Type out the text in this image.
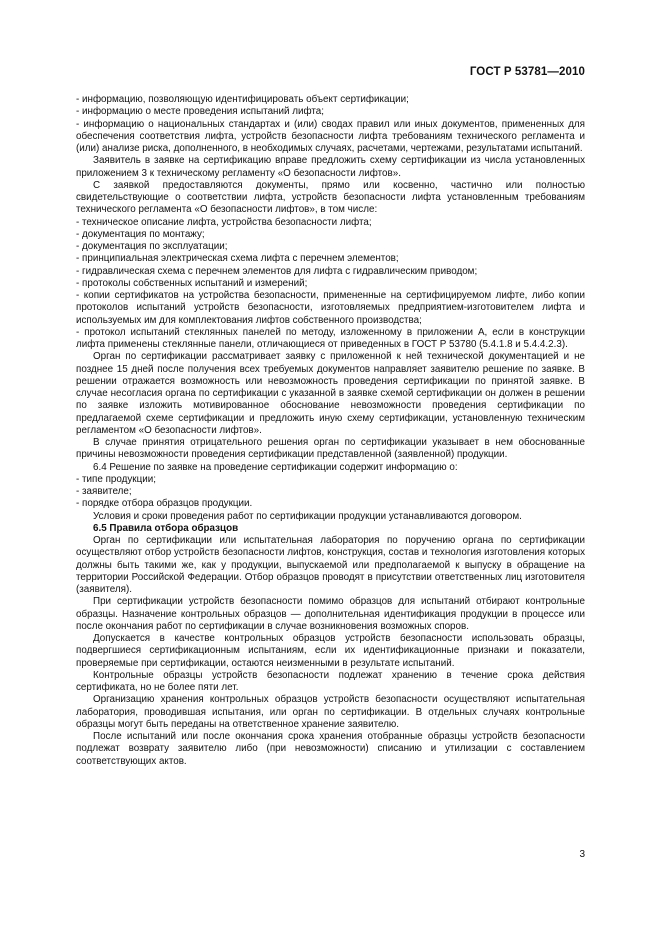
ГОСТ Р 53781—2010

- информацию, позволяющую идентифицировать объект сертификации;

- информацию о месте проведения испытаний лифта;

- информацию о национальных стандартах и (или) сводах правил или иных документов, примененных для обеспечения соответствия лифта, устройств безопасности лифта требованиям технического регламента и (или) анализе риска, дополненного, в необходимых случаях, расчетами, чертежами, результатами испытаний.

Заявитель в заявке на сертификацию вправе предложить схему сертификации из числа установленных приложением 3 к техническому регламенту «О безопасности лифтов».

С заявкой предоставляются документы, прямо или косвенно, частично или полностью свидетельствующие о соответствии лифта, устройств безопасности лифта установленным требованиям технического регламента «О безопасности лифтов», в том числе:

- техническое описание лифта, устройства безопасности лифта;

- документация по монтажу;

- документация по эксплуатации;

- принципиальная электрическая схема лифта с перечнем элементов;

- гидравлическая схема с перечнем элементов для лифта с гидравлическим приводом;

- протоколы собственных испытаний и измерений;

- копии сертификатов на устройства безопасности, примененные на сертифицируемом лифте, либо копии протоколов испытаний устройств безопасности, изготовляемых предприятием-изготовителем лифта и используемых им для комплектования лифтов собственного производства;

- протокол испытаний стеклянных панелей по методу, изложенному в приложении А, если в конструкции лифта применены стеклянные панели, отличающиеся от приведенных в ГОСТ Р 53780 (5.4.1.8 и 5.4.4.2.3).

Орган по сертификации рассматривает заявку с приложенной к ней технической документацией и не позднее 15 дней после получения всех требуемых документов направляет заявителю решение по заявке. В решении отражается возможность или невозможность проведения сертификации по принятой заявке. В случае несогласия органа по сертификации с указанной в заявке схемой сертификации он должен в решении по заявке изложить мотивированное обоснование невозможности проведения сертификации по предлагаемой схеме сертификации и предложить иную схему сертификации, установленную техническим регламентом «О безопасности лифтов».

В случае принятия отрицательного решения орган по сертификации указывает в нем обоснованные причины невозможности проведения сертификации представленной (заявленной) продукции.

6.4 Решение по заявке на проведение сертификации содержит информацию о:

- типе продукции;

- заявителе;

- порядке отбора образцов продукции.

Условия и сроки проведения работ по сертификации продукции устанавливаются договором.

6.5 Правила отбора образцов

Орган по сертификации или испытательная лаборатория по поручению органа по сертификации осуществляют отбор устройств безопасности лифтов, конструкция, состав и технология изготовления которых должны быть такими же, как у продукции, выпускаемой или предполагаемой к выпуску в обращение на территории Российской Федерации. Отбор образцов проводят в присутствии ответственных лиц изготовителя (заявителя).

При сертификации устройств безопасности помимо образцов для испытаний отбирают контрольные образцы. Назначение контрольных образцов — дополнительная идентификация продукции в процессе или после окончания работ по сертификации в случае возникновения возможных споров.

Допускается в качестве контрольных образцов устройств безопасности использовать образцы, подвергшиеся сертификационным испытаниям, если их идентификационные признаки и показатели, проверяемые при сертификации, остаются неизменными в результате испытаний.

Контрольные образцы устройств безопасности подлежат хранению в течение срока действия сертификата, но не более пяти лет.

Организацию хранения контрольных образцов устройств безопасности осуществляют испытательная лаборатория, проводившая испытания, или орган по сертификации. В отдельных случаях контрольные образцы могут быть переданы на ответственное хранение заявителю.

После испытаний или после окончания срока хранения отобранные образцы устройств безопасности подлежат возврату заявителю либо (при невозможности) списанию и утилизации с составлением соответствующих актов.

3
